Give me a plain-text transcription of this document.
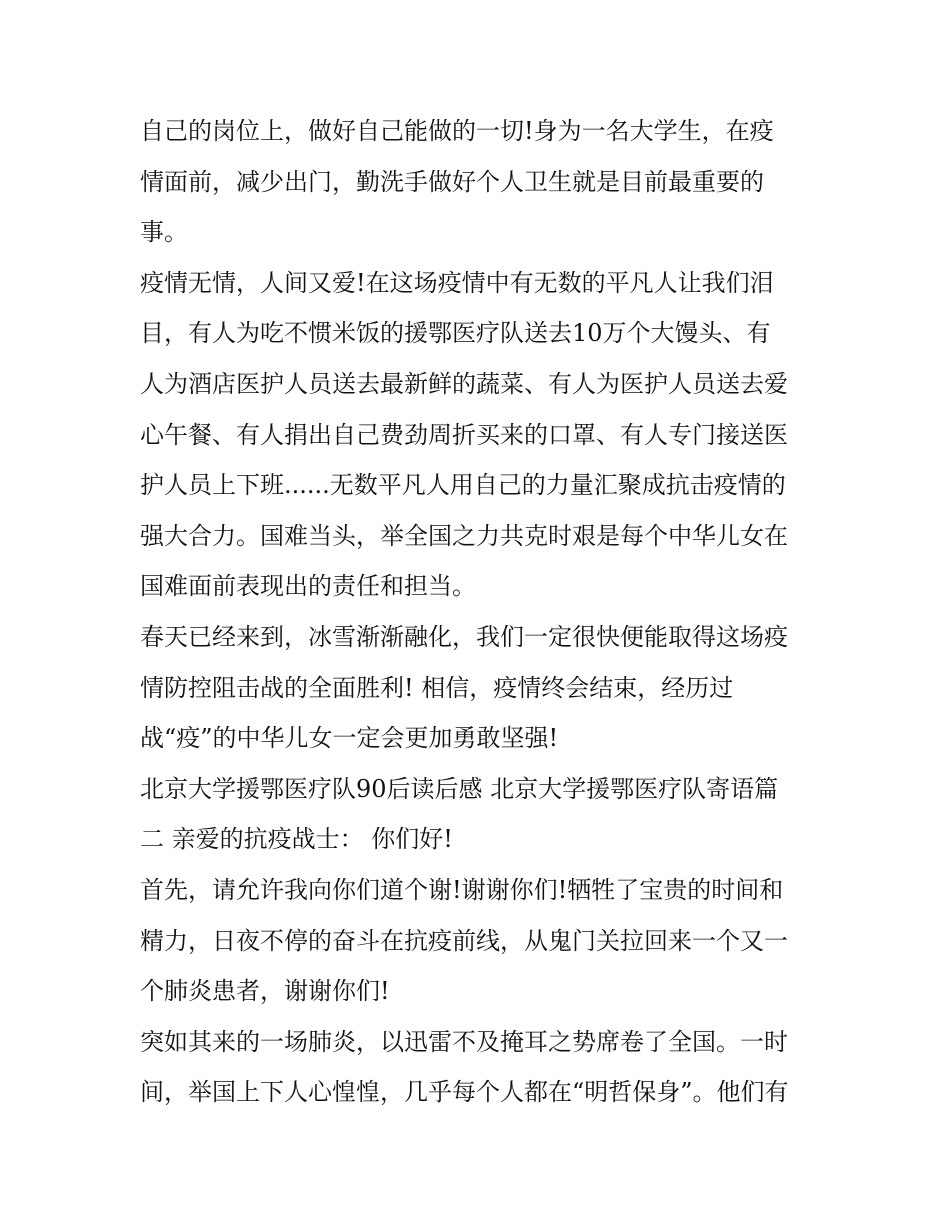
自己的岗位上，做好自己能做的一切!身为一名大学生，在疫
情面前，减少出门，勤洗手做好个人卫生就是目前最重要的
事。
疫情无情，人间又爱!在这场疫情中有无数的平凡人让我们泪
目，有人为吃不惯米饭的援鄂医疗队送去10万个大馒头、有
人为酒店医护人员送去最新鲜的蔬菜、有人为医护人员送去爱
心午餐、有人捐出自己费劲周折买来的口罩、有人专门接送医
护人员上下班......无数平凡人用自己的力量汇聚成抗击疫情的
强大合力。国难当头，举全国之力共克时艰是每个中华儿女在
国难面前表现出的责任和担当。
春天已经来到，冰雪渐渐融化，我们一定很快便能取得这场疫
情防控阻击战的全面胜利! 相信，疫情终会结束，经历过
战“疫”的中华儿女一定会更加勇敢坚强!
北京大学援鄂医疗队90后读后感 北京大学援鄂医疗队寄语篇
二 亲爱的抗疫战士： 你们好!
首先，请允许我向你们道个谢!谢谢你们!牺牲了宝贵的时间和
精力，日夜不停的奋斗在抗疫前线，从鬼门关拉回来一个又一
个肺炎患者，谢谢你们!
突如其来的一场肺炎，以迅雷不及掩耳之势席卷了全国。一时
间，举国上下人心惶惶，几乎每个人都在“明哲保身”。他们有
